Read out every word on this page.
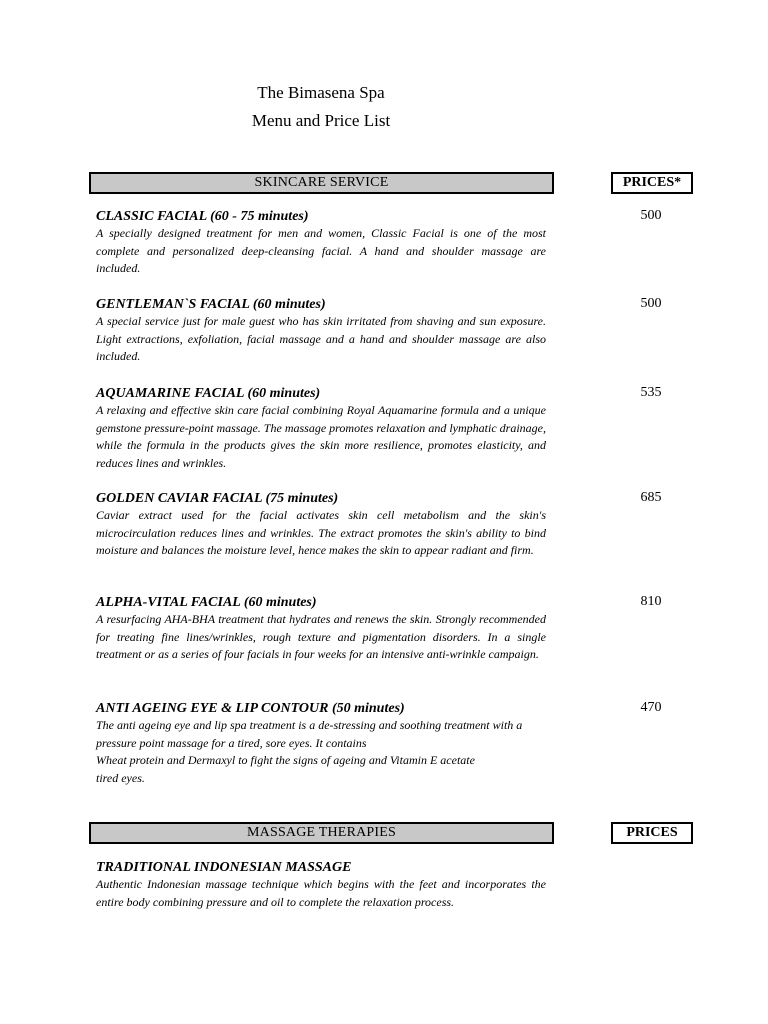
The Bimasena Spa
Menu and Price List
SKINCARE SERVICE	PRICES*

CLASSIC FACIAL (60 - 75 minutes)

A specially designed treatment for men and women, Classic Facial is one of the most complete and personalized deep-cleansing facial. A hand and shoulder massage are included.

500

GENTLEMAN`S FACIAL (60 minutes)

A special service just for male guest who has skin irritated from shaving and sun exposure. Light extractions, exfoliation, facial massage and a hand and shoulder massage are also included.

500

AQUAMARINE FACIAL (60 minutes)

A relaxing and effective skin care facial combining Royal Aquamarine formula and a unique gemstone pressure-point massage. The massage promotes relaxation and lymphatic drainage, while the formula in the products gives the skin more resilience, promotes elasticity, and reduces lines and wrinkles.

535

GOLDEN CAVIAR FACIAL (75 minutes)

Caviar extract used for the facial activates skin cell metabolism and the skin's microcirculation reduces lines and wrinkles. The extract promotes the skin's ability to bind moisture and balances the moisture level, hence makes the skin to appear radiant and firm.

685

ALPHA-VITAL FACIAL (60 minutes)

A resurfacing AHA-BHA treatment that hydrates and renews the skin. Strongly recommended for treating fine lines/wrinkles, rough texture and pigmentation disorders. In a single treatment or as a series of four facials in four weeks for an intensive anti-wrinkle campaign.

810

ANTI AGEING EYE & LIP CONTOUR (50 minutes)

The anti ageing eye and lip spa treatment is a de-stressing and soothing treatment with a

pressure point massage for a tired, sore eyes. It contains

Wheat protein and Dermaxyl to fight the signs of ageing and Vitamin E acetate

tired eyes.

470
MASSAGE THERAPIES	PRICES

TRADITIONAL INDONESIAN MASSAGE

Authentic Indonesian massage technique which begins with the feet and incorporates the entire body combining pressure and oil to complete the relaxation process.
